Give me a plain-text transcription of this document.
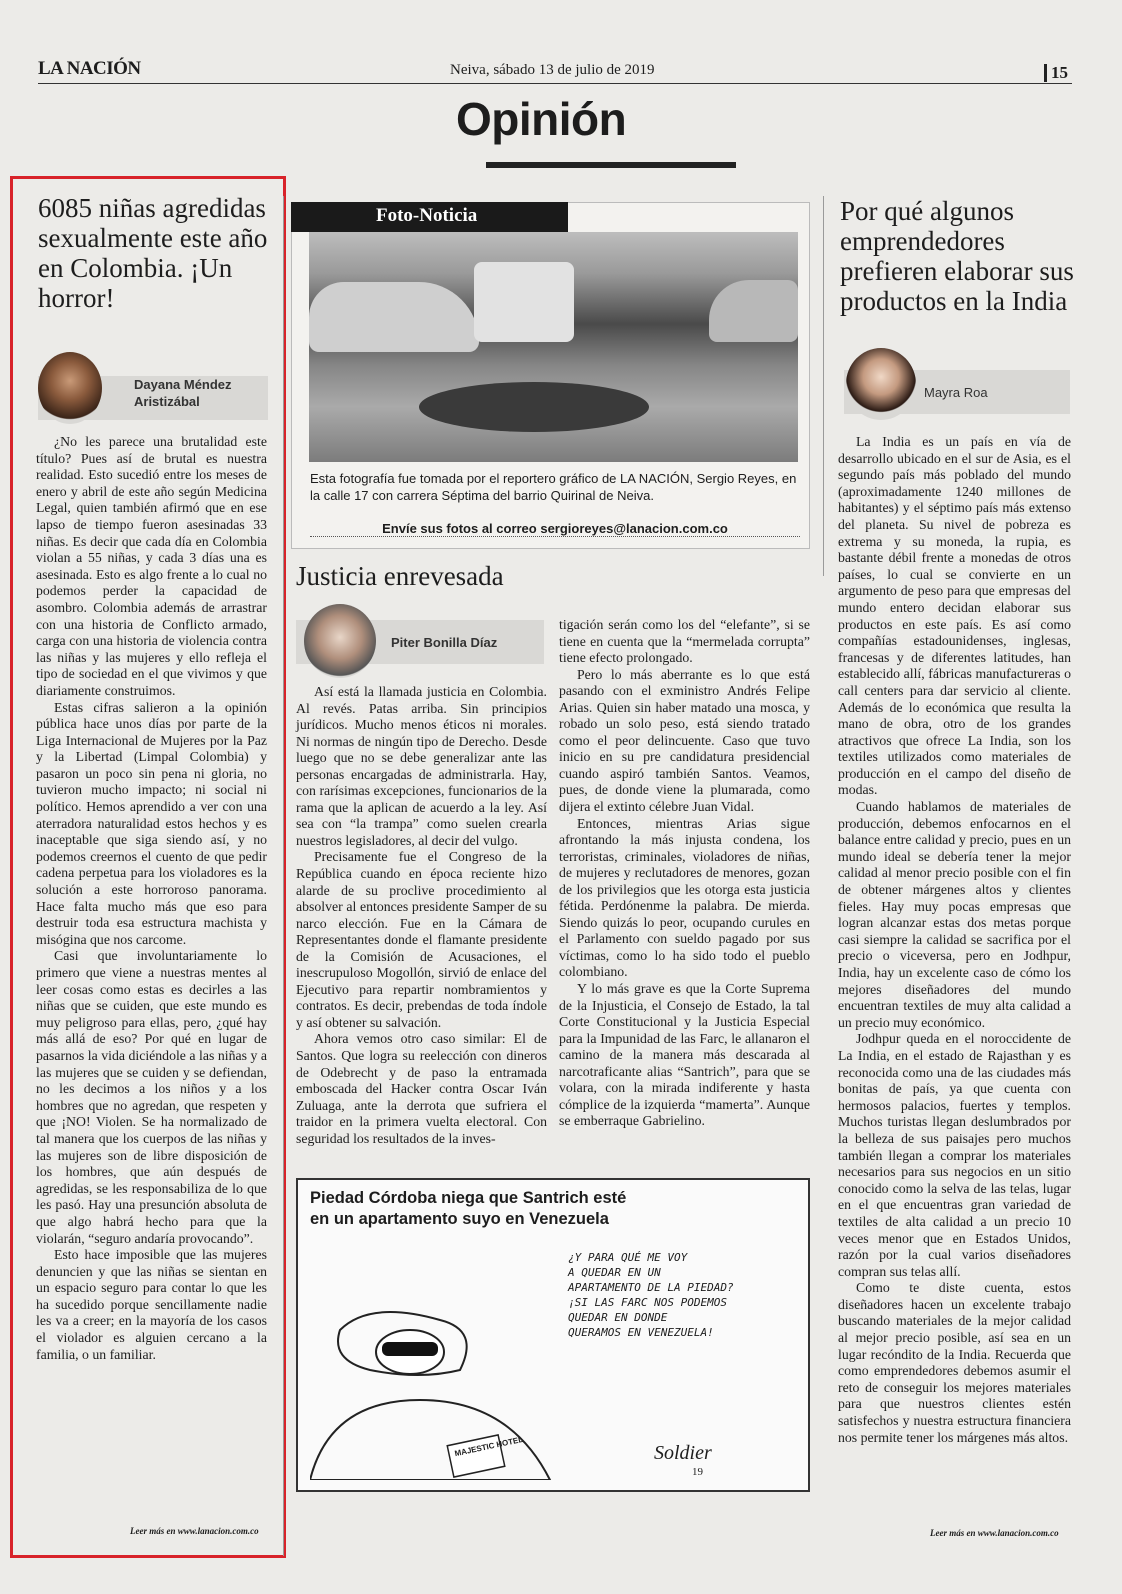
LA NACIÓN	Neiva, sábado 13 de julio de 2019	15
Opinión
6085 niñas agredidas sexualmente este año en Colombia. ¡Un horror!
Dayana Méndez
Aristizábal

¿No les parece una brutalidad este título? Pues así de brutal es nuestra realidad. Esto sucedió entre los meses de enero y abril de este año según Medicina Legal, quien también afirmó que en ese lapso de tiempo fueron asesinadas 33 niñas. Es decir que cada día en Colombia violan a 55 niñas, y cada 3 días una es asesinada. Esto es algo frente a lo cual no podemos perder la capacidad de asombro. Colombia además de arrastrar con una historia de Conflicto armado, carga con una historia de violencia contra las niñas y las mujeres y ello refleja el tipo de sociedad en el que vivimos y que diariamente construimos.

Estas cifras salieron a la opinión pública hace unos días por parte de la Liga Internacional de Mujeres por la Paz y la Libertad (Limpal Colombia) y pasaron un poco sin pena ni gloria, no tuvieron mucho impacto; ni social ni político. Hemos aprendido a ver con una aterradora naturalidad estos hechos y es inaceptable que siga siendo así, y no podemos creernos el cuento de que pedir cadena perpetua para los violadores es la solución a este horroroso panorama. Hace falta mucho más que eso para destruir toda esa estructura machista y misógina que nos carcome.

Casi que involuntariamente lo primero que viene a nuestras mentes al leer cosas como estas es decirles a las niñas que se cuiden, que este mundo es muy peligroso para ellas, pero, ¿qué hay más allá de eso? Por qué en lugar de pasarnos la vida diciéndole a las niñas y a las mujeres que se cuiden y se defiendan, no les decimos a los niños y a los hombres que no agredan, que respeten y que ¡NO! Violen. Se ha normalizado de tal manera que los cuerpos de las niñas y las mujeres son de libre disposición de los hombres, que aún después de agredidas, se les responsabiliza de lo que les pasó. Hay una presunción absoluta de que algo habrá hecho para que la violarán, “seguro andaría provocando”.

Esto hace imposible que las mujeres denuncien y que las niñas se sientan en un espacio seguro para contar lo que les ha sucedido porque sencillamente nadie les va a creer; en la mayoría de los casos el violador es alguien cercano a la familia, o un familiar.

Leer más en www.lanacion.com.co
Foto-Noticia
Esta fotografía fue tomada por el reportero gráfico de LA NACIÓN, Sergio Reyes, en la calle 17 con carrera Séptima del barrio Quirinal de Neiva.
Envíe sus fotos al correo sergioreyes@lanacion.com.co
Justicia enrevesada
Piter Bonilla Díaz

Así está la llamada justicia en Colombia. Al revés. Patas arriba. Sin principios jurídicos. Mucho menos éticos ni morales. Ni normas de ningún tipo de Derecho. Desde luego que no se debe generalizar ante las personas encargadas de administrarla. Hay, con rarísimas excepciones, funcionarios de la rama que la aplican de acuerdo a la ley. Así sea con “la trampa” como suelen crearla nuestros legisladores, al decir del vulgo.

Precisamente fue el Congreso de la República cuando en época reciente hizo alarde de su proclive procedimiento al absolver al entonces presidente Samper de su narco elección. Fue en la Cámara de Representantes donde el flamante presidente de la Comisión de Acusaciones, el inescrupuloso Mogollón, sirvió de enlace del Ejecutivo para repartir nombramientos y contratos. Es decir, prebendas de toda índole y así obtener su salvación.

Ahora vemos otro caso similar: El de Santos. Que logra su reelección con dineros de Odebrecht y de paso la entramada emboscada del Hacker contra Oscar Iván Zuluaga, ante la derrota que sufriera el traidor en la primera vuelta electoral. Con seguridad los resultados de la inves-

tigación serán como los del “elefante”, si se tiene en cuenta que la “mermelada corrupta” tiene efecto prolongado.

Pero lo más aberrante es lo que está pasando con el exministro Andrés Felipe Arias. Quien sin haber matado una mosca, y robado un solo peso, está siendo tratado como el peor delincuente. Caso que tuvo inicio en su pre candidatura presidencial cuando aspiró también Santos. Veamos, pues, de donde viene la plumarada, como dijera el extinto célebre Juan Vidal.

Entonces, mientras Arias sigue afrontando la más injusta condena, los terroristas, criminales, violadores de niñas, de mujeres y reclutadores de menores, gozan de los privilegios que les otorga esta justicia fétida. Perdónenme la palabra. De mierda. Siendo quizás lo peor, ocupando curules en el Parlamento con sueldo pagado por sus víctimas, como lo ha sido todo el pueblo colombiano.

Y lo más grave es que la Corte Suprema de la Injusticia, el Consejo de Estado, la tal Corte Constitucional y la Justicia Especial para la Impunidad de las Farc, le allanaron el camino de la manera más descarada al narcotraficante alias “Santrich”, para que se volara, con la mirada indiferente y hasta cómplice de la izquierda “mamerta”. Aunque se emberraque Gabrielino.

Piedad Córdoba niega que Santrich esté
en un apartamento suyo en Venezuela
¿Y PARA QUÉ ME VOY
A QUEDAR EN UN
APARTAMENTO DE LA PIEDAD?
¡SI LAS FARC NOS PODEMOS
QUEDAR EN DONDE
QUERAMOS EN VENEZUELA!
MAJESTIC HOTEL	Soldier
19
Por qué algunos emprendedores prefieren elaborar sus productos en la India
Mayra Roa

La India es un país en vía de desarrollo ubicado en el sur de Asia, es el segundo país más poblado del mundo (aproximadamente 1240 millones de habitantes) y el séptimo país más extenso del planeta. Su nivel de pobreza es extrema y su moneda, la rupia, es bastante débil frente a monedas de otros países, lo cual se convierte en un argumento de peso para que empresas del mundo entero decidan elaborar sus productos en este país. Es así como compañías estadounidenses, inglesas, francesas y de diferentes latitudes, han establecido allí, fábricas manufactureras o call centers para dar servicio al cliente. Además de lo económica que resulta la mano de obra, otro de los grandes atractivos que ofrece La India, son los textiles utilizados como materiales de producción en el campo del diseño de modas.

Cuando hablamos de materiales de producción, debemos enfocarnos en el balance entre calidad y precio, pues en un mundo ideal se debería tener la mejor calidad al menor precio posible con el fin de obtener márgenes altos y clientes fieles. Hay muy pocas empresas que logran alcanzar estas dos metas porque casi siempre la calidad se sacrifica por el precio o viceversa, pero en Jodhpur, India, hay un excelente caso de cómo los mejores diseñadores del mundo encuentran textiles de muy alta calidad a un precio muy económico.

Jodhpur queda en el noroccidente de La India, en el estado de Rajasthan y es reconocida como una de las ciudades más bonitas de país, ya que cuenta con hermosos palacios, fuertes y templos. Muchos turistas llegan deslumbrados por la belleza de sus paisajes pero muchos también llegan a comprar los materiales necesarios para sus negocios en un sitio conocido como la selva de las telas, lugar en el que encuentras gran variedad de textiles de alta calidad a un precio 10 veces menor que en Estados Unidos, razón por la cual varios diseñadores compran sus telas allí.

Como te diste cuenta, estos diseñadores hacen un excelente trabajo buscando materiales de la mejor calidad al mejor precio posible, así sea en un lugar recóndito de la India. Recuerda que como emprendedores debemos asumir el reto de conseguir los mejores materiales para que nuestros clientes estén satisfechos y nuestra estructura financiera nos permite tener los márgenes más altos.

Leer más en www.lanacion.com.co
